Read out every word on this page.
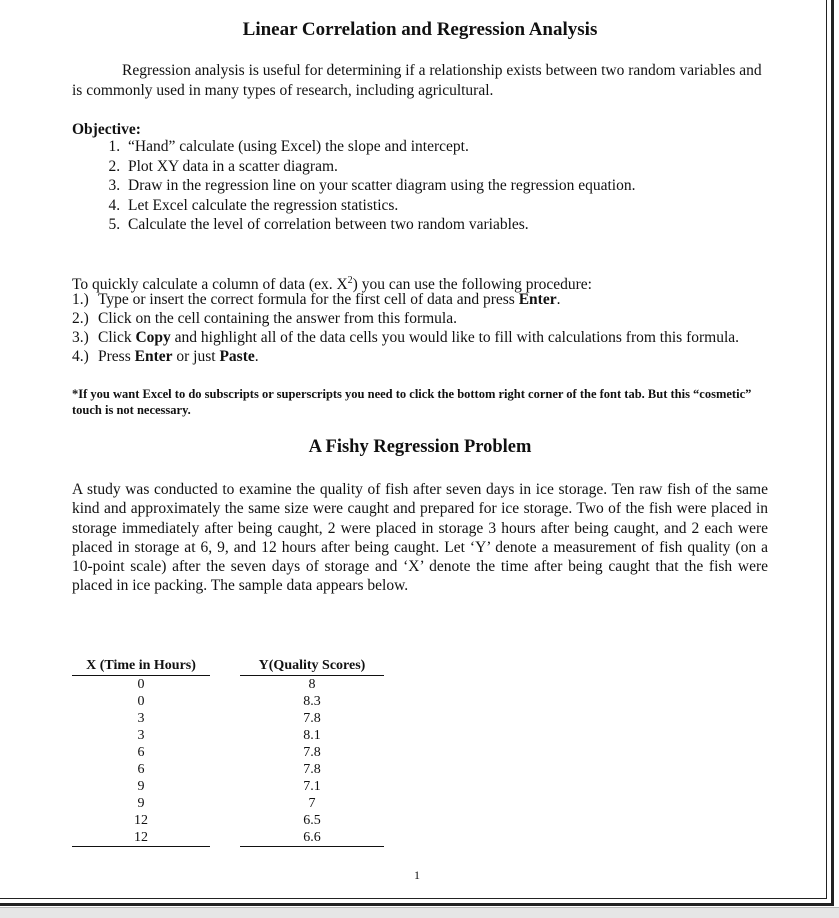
Linear Correlation and Regression Analysis
Regression analysis is useful for determining if a relationship exists between two random variables and is commonly used in many types of research, including agricultural.
Objective:
1. “Hand” calculate (using Excel) the slope and intercept.
2. Plot XY data in a scatter diagram.
3. Draw in the regression line on your scatter diagram using the regression equation.
4. Let Excel calculate the regression statistics.
5. Calculate the level of correlation between two random variables.
To quickly calculate a column of data (ex. $X^2$) you can use the following procedure:
1.) Type or insert the correct formula for the first cell of data and press Enter.
2.) Click on the cell containing the answer from this formula.
3.) Click Copy and highlight all of the data cells you would like to fill with calculations from this formula.
4.) Press Enter or just Paste.
*If you want Excel to do subscripts or superscripts you need to click the bottom right corner of the font tab. But this “cosmetic” touch is not necessary.
A Fishy Regression Problem
A study was conducted to examine the quality of fish after seven days in ice storage. Ten raw fish of the same kind and approximately the same size were caught and prepared for ice storage. Two of the fish were placed in storage immediately after being caught, 2 were placed in storage 3 hours after being caught, and 2 each were placed in storage at 6, 9, and 12 hours after being caught. Let ‘Y’ denote a measurement of fish quality (on a 10-point scale) after the seven days of storage and ‘X’ denote the time after being caught that the fish were placed in ice packing. The sample data appears below.
X (Time in Hours)		Y(Quality Scores)
0		8
0		8.3
3		7.8
3		8.1
6		7.8
6		7.8
9		7.1
9		7
12		6.5
12		6.6
1
